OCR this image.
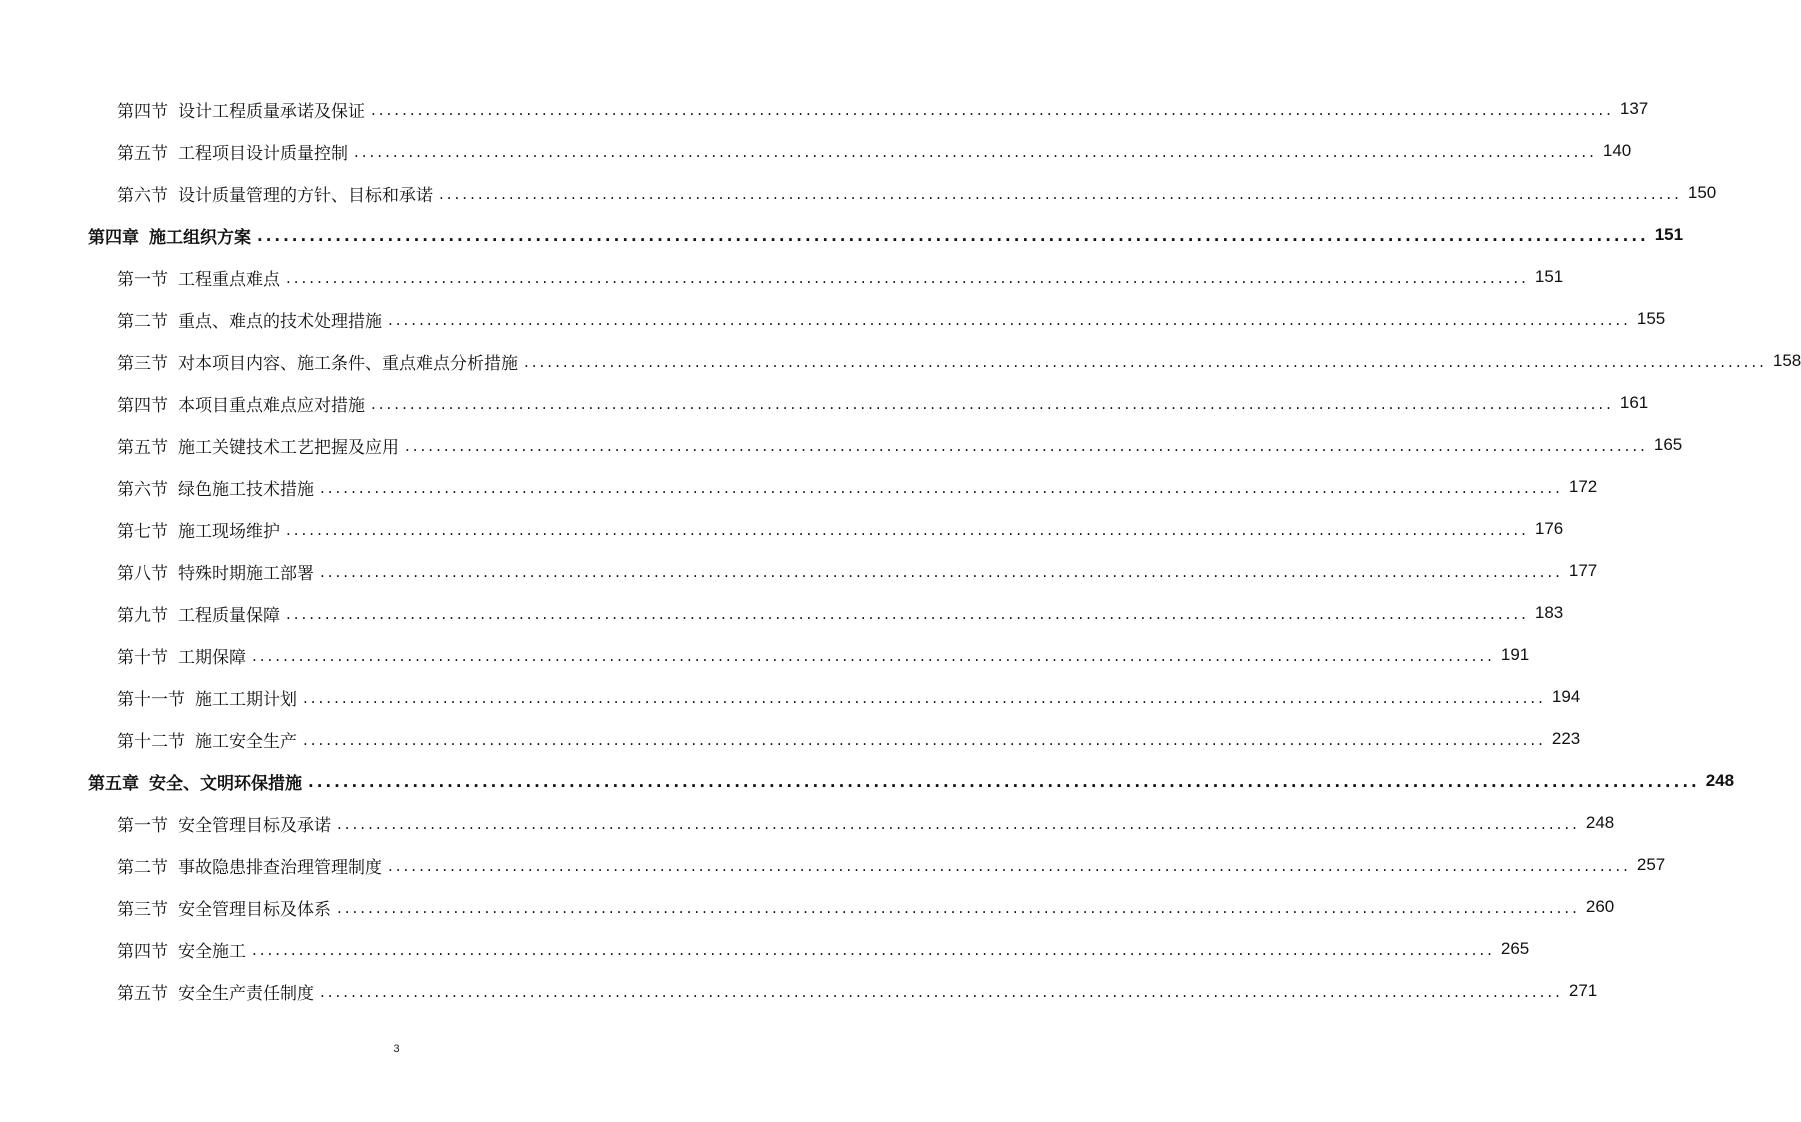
第四节 设计工程质量承诺及保证 ................................................................................................................................................................ 137
第五节 工程项目设计质量控制 ................................................................................................................................................................ 140
第六节 设计质量管理的方针、目标和承诺 ................................................................................................................................................................ 150
第四章 施工组织方案 ................................................................................................................................................................ 151
第一节 工程重点难点 ................................................................................................................................................................ 151
第二节 重点、难点的技术处理措施 ................................................................................................................................................................ 155
第三节 对本项目内容、施工条件、重点难点分析措施 ................................................................................................................................................................ 158
第四节 本项目重点难点应对措施 ................................................................................................................................................................ 161
第五节 施工关键技术工艺把握及应用 ................................................................................................................................................................ 165
第六节 绿色施工技术措施 ................................................................................................................................................................ 172
第七节 施工现场维护 ................................................................................................................................................................ 176
第八节 特殊时期施工部署 ................................................................................................................................................................ 177
第九节 工程质量保障 ................................................................................................................................................................ 183
第十节 工期保障 ................................................................................................................................................................ 191
第十一节 施工工期计划 ................................................................................................................................................................ 194
第十二节 施工安全生产 ................................................................................................................................................................ 223
第五章 安全、文明环保措施 ................................................................................................................................................................ 248
第一节 安全管理目标及承诺 ................................................................................................................................................................ 248
第二节 事故隐患排查治理管理制度 ................................................................................................................................................................ 257
第三节 安全管理目标及体系 ................................................................................................................................................................ 260
第四节 安全施工 ................................................................................................................................................................ 265
第五节 安全生产责任制度 ................................................................................................................................................................ 271
3
